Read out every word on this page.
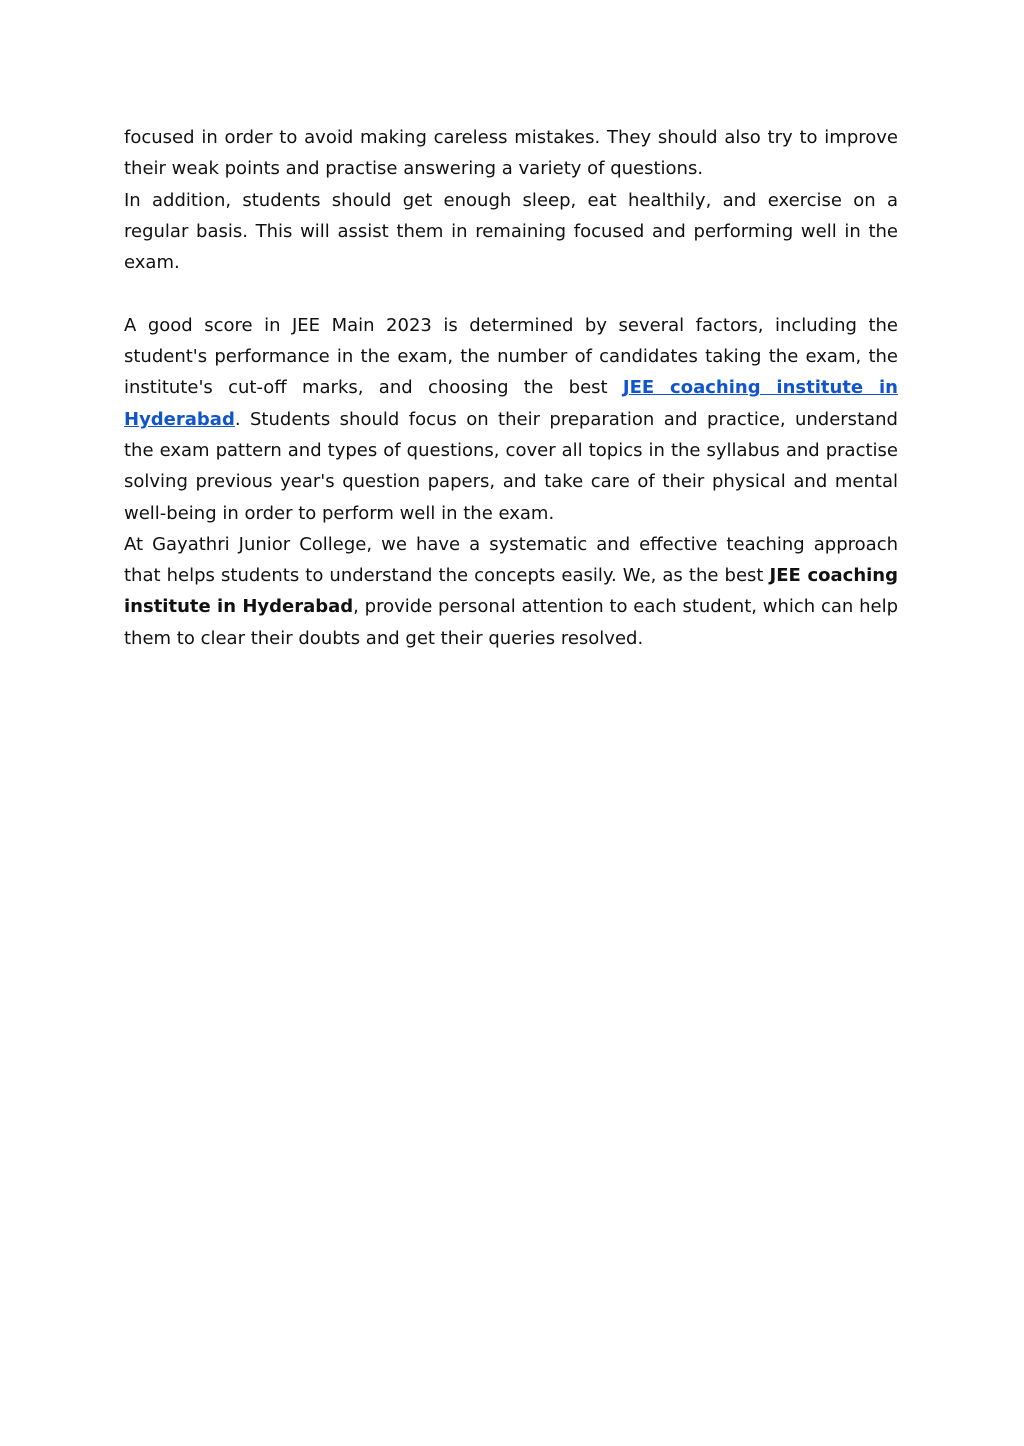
focused in order to avoid making careless mistakes. They should also try to improve their weak points and practise answering a variety of questions.

In addition, students should get enough sleep, eat healthily, and exercise on a regular basis. This will assist them in remaining focused and performing well in the exam.

A good score in JEE Main 2023 is determined by several factors, including the student's performance in the exam, the number of candidates taking the exam, the institute's cut-off marks, and choosing the best JEE coaching institute in Hyderabad. Students should focus on their preparation and practice, understand the exam pattern and types of questions, cover all topics in the syllabus and practise solving previous year's question papers, and take care of their physical and mental well-being in order to perform well in the exam.

At Gayathri Junior College, we have a systematic and effective teaching approach that helps students to understand the concepts easily. We, as the best JEE coaching institute in Hyderabad, provide personal attention to each student, which can help them to clear their doubts and get their queries resolved.
